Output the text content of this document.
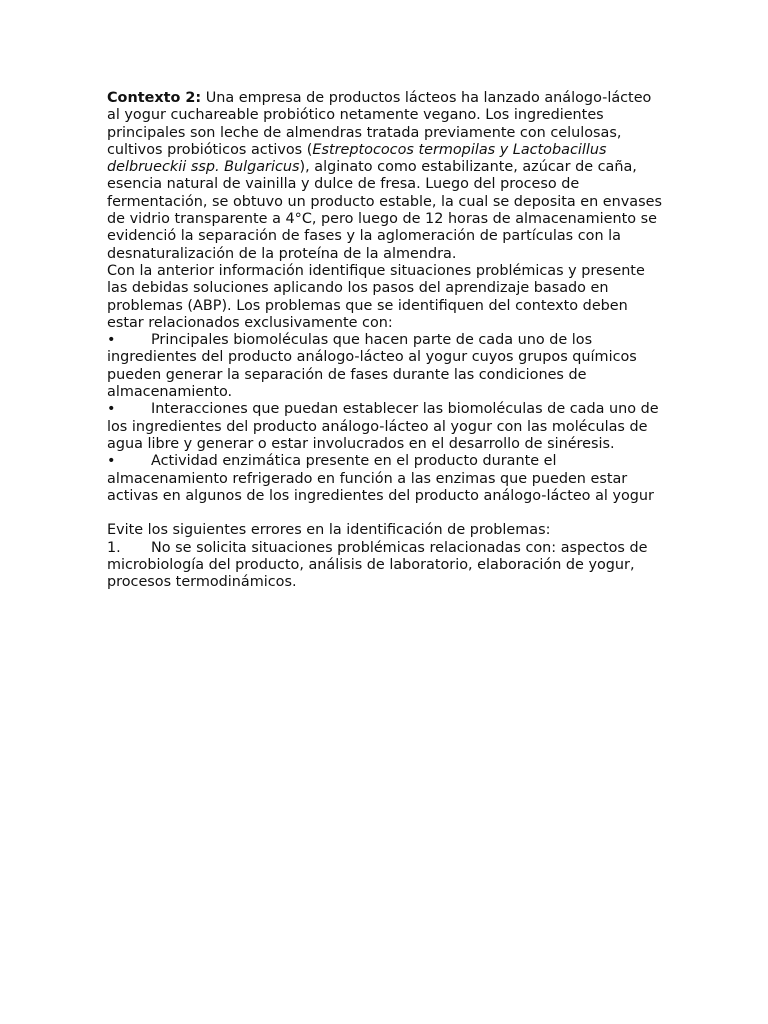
Contexto 2: Una empresa de productos lácteos ha lanzado análogo-lácteo al yogur cuchareable probiótico netamente vegano. Los ingredientes principales son leche de almendras tratada previamente con celulosas, cultivos probióticos activos (Estreptococos termopilas y Lactobacillus delbrueckii ssp. Bulgaricus), alginato como estabilizante, azúcar de caña, esencia natural de vainilla y dulce de fresa. Luego del proceso de fermentación, se obtuvo un producto estable, la cual se deposita en envases de vidrio transparente a 4°C, pero luego de 12 horas de almacenamiento se evidenció la separación de fases y la aglomeración de partículas con la desnaturalización de la proteína de la almendra.

Con la anterior información identifique situaciones problémicas y presente las debidas soluciones aplicando los pasos del aprendizaje basado en problemas (ABP). Los problemas que se identifiquen del contexto deben estar relacionados exclusivamente con:

• Principales biomoléculas que hacen parte de cada uno de los ingredientes del producto análogo-lácteo al yogur cuyos grupos químicos pueden generar la separación de fases durante las condiciones de almacenamiento.

• Interacciones que puedan establecer las biomoléculas de cada uno de los ingredientes del producto análogo-lácteo al yogur con las moléculas de agua libre y generar o estar involucrados en el desarrollo de sinéresis.

• Actividad enzimática presente en el producto durante el almacenamiento refrigerado en función a las enzimas que pueden estar activas en algunos de los ingredientes del producto análogo-lácteo al yogur

Evite los siguientes errores en la identificación de problemas:

1. No se solicita situaciones problémicas relacionadas con: aspectos de microbiología del producto, análisis de laboratorio, elaboración de yogur, procesos termodinámicos.
